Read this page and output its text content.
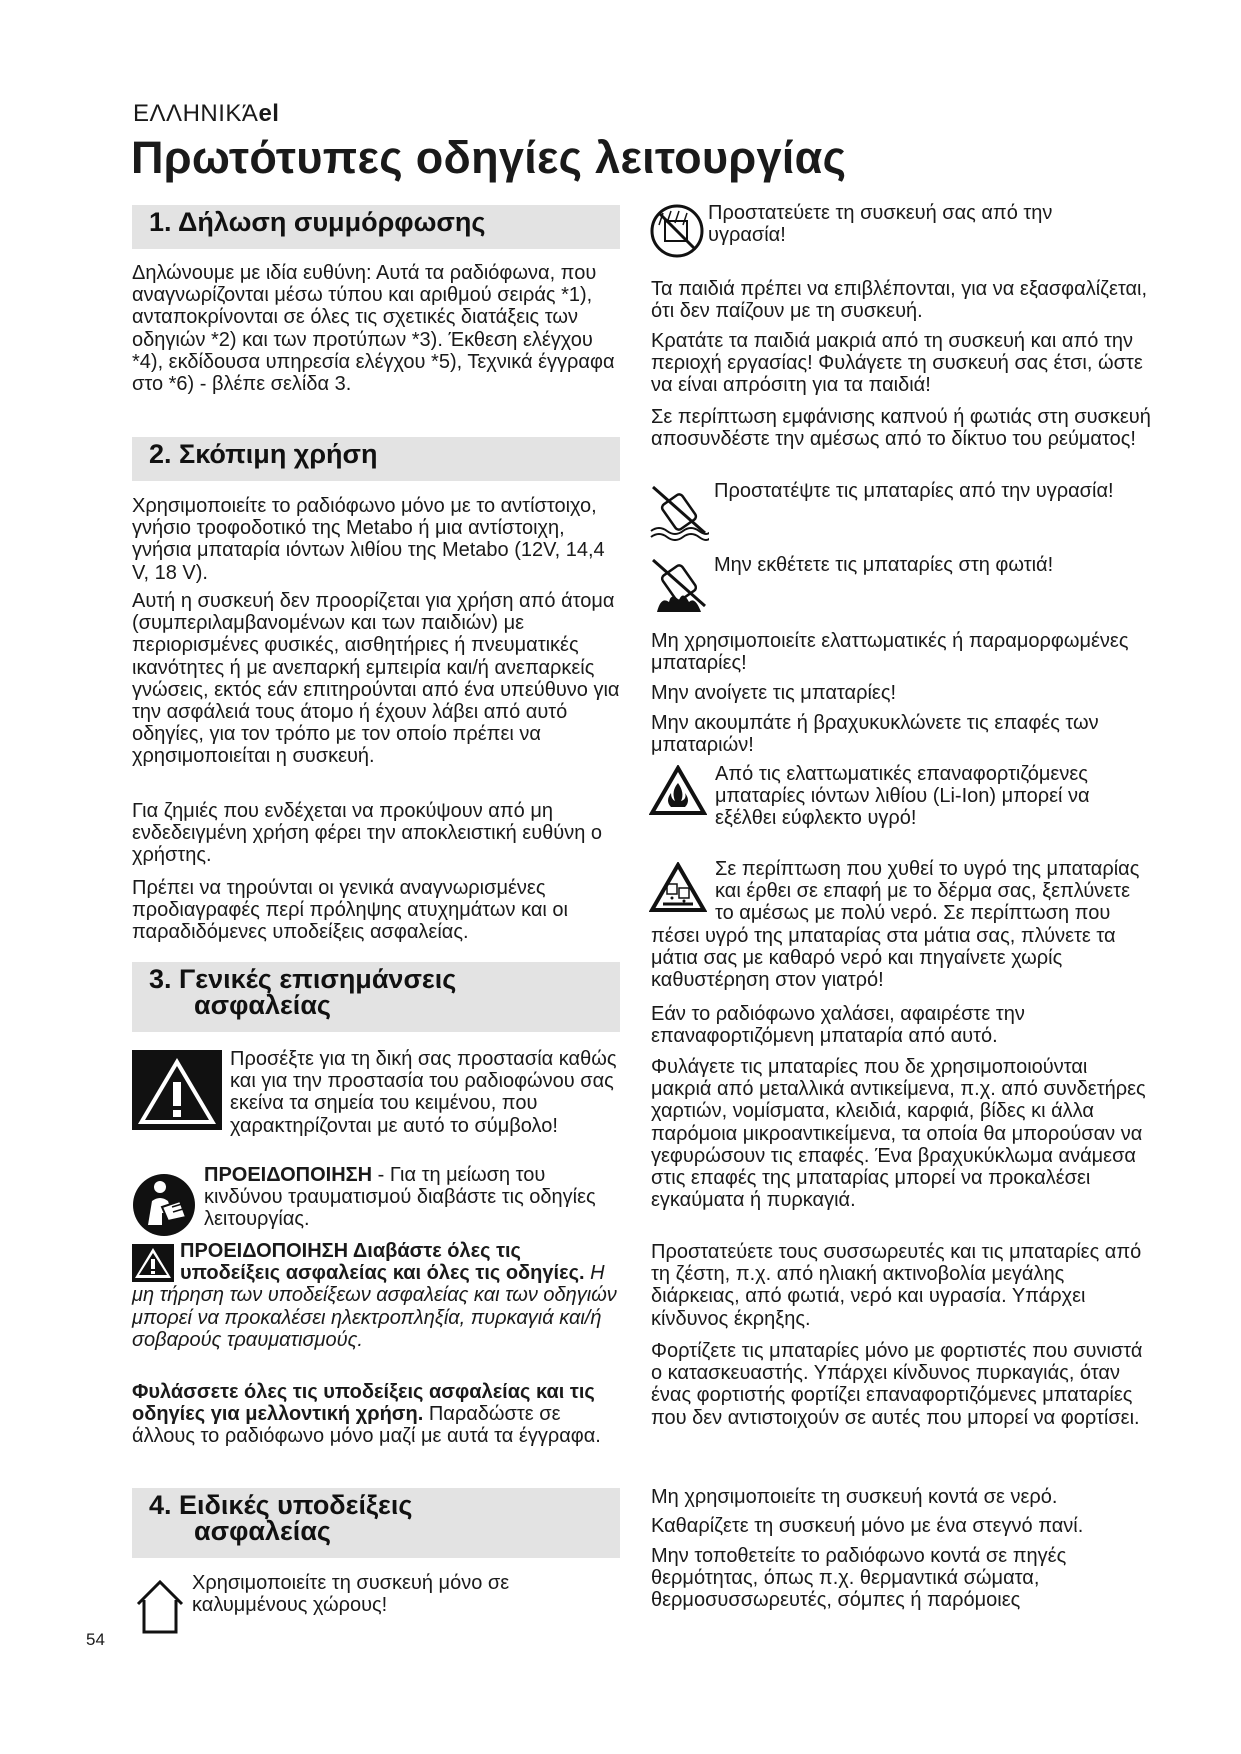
ΕΛΛΗΝΙΚΆel
Πρωτότυπες οδηγίες λειτουργίας
1. Δήλωση συμμόρφωσης

Δηλώνουμε με ιδία ευθύνη: Αυτά τα ραδιόφωνα, που αναγνωρίζονται μέσω τύπου και αριθμού σειράς *1), ανταποκρίνονται σε όλες τις σχετικές διατάξεις των οδηγιών *2) και των προτύπων *3). Έκθεση ελέγχου *4), εκδίδουσα υπηρεσία ελέγχου *5), Τεχνικά έγγραφα στο *6) - βλέπε σελίδα 3.

2. Σκόπιμη χρήση

Χρησιμοποιείτε το ραδιόφωνο μόνο με το αντίστοιχο, γνήσιο τροφοδοτικό της Metabo ή μια αντίστοιχη, γνήσια μπαταρία ιόντων λιθίου της Metabo (12V, 14,4 V, 18 V).

Αυτή η συσκευή δεν προορίζεται για χρήση από άτομα (συμπεριλαμβανομένων και των παιδιών) με περιορισμένες φυσικές, αισθητήριες ή πνευματικές ικανότητες ή με ανεπαρκή εμπειρία και/ή ανεπαρκείς γνώσεις, εκτός εάν επιτηρούνται από ένα υπεύθυνο για την ασφάλειά τους άτομο ή έχουν λάβει από αυτό οδηγίες, για τον τρόπο με τον οποίο πρέπει να χρησιμοποιείται η συσκευή.

Για ζημιές που ενδέχεται να προκύψουν από μη ενδεδειγμένη χρήση φέρει την αποκλειστική ευθύνη ο χρήστης.

Πρέπει να τηρούνται οι γενικά αναγνωρισμένες προδιαγραφές περί πρόληψης ατυχημάτων και οι παραδιδόμενες υποδείξεις ασφαλείας.

3. Γενικές επισημάνσεις
ασφαλείας
Προσέξτε για τη δική σας προστασία καθώς και για την προστασία του ραδιοφώνου σας εκείνα τα σημεία του κειμένου, που χαρακτηρίζονται με αυτό το σύμβολο!
ΠΡΟΕΙΔΟΠΟΙΗΣΗ - Για τη μείωση του κινδύνου τραυματισμού διαβάστε τις οδηγίες λειτουργίας.
ΠΡΟΕΙΔΟΠΟΙΗΣΗ Διαβάστε όλες τις υποδείξεις ασφαλείας και όλες τις οδηγίες. Η μη τήρηση των υποδείξεων ασφαλείας και των οδηγιών μπορεί να προκαλέσει ηλεκτροπληξία, πυρκαγιά και/ή σοβαρούς τραυματισμούς.
Φυλάσσετε όλες τις υποδείξεις ασφαλείας και τις οδηγίες για μελλοντική χρήση. Παραδώστε σε άλλους το ραδιόφωνο μόνο μαζί με αυτά τα έγγραφα.
4. Ειδικές υποδείξεις
ασφαλείας

Χρησιμοποιείτε τη συσκευή μόνο σε καλυμμένους χώρους!

54

Προστατεύετε τη συσκευή σας από την υγρασία!

Τα παιδιά πρέπει να επιβλέπονται, για να εξασφαλίζεται, ότι δεν παίζουν με τη συσκευή.

Κρατάτε τα παιδιά μακριά από τη συσκευή και από την περιοχή εργασίας! Φυλάγετε τη συσκευή σας έτσι, ώστε να είναι απρόσιτη για τα παιδιά!

Σε περίπτωση εμφάνισης καπνού ή φωτιάς στη συσκευή αποσυνδέστε την αμέσως από το δίκτυο του ρεύματος!

Προστατέψτε τις μπαταρίες από την υγρασία!

Μην εκθέτετε τις μπαταρίες στη φωτιά!

Μη χρησιμοποιείτε ελαττωματικές ή παραμορφωμένες μπαταρίες!

Μην ανοίγετε τις μπαταρίες!

Μην ακουμπάτε ή βραχυκυκλώνετε τις επαφές των μπαταριών!

Από τις ελαττωματικές επαναφορτιζόμενες μπαταρίες ιόντων λιθίου (Li-Ion) μπορεί να εξέλθει εύφλεκτο υγρό!
Σε περίπτωση που χυθεί το υγρό της μπαταρίας και έρθει σε επαφή με το δέρμα σας, ξεπλύνετε το αμέσως με πολύ νερό. Σε περίπτωση που πέσει υγρό της μπαταρίας στα μάτια σας, πλύνετε τα μάτια σας με καθαρό νερό και πηγαίνετε χωρίς καθυστέρηση στον γιατρό!

Εάν το ραδιόφωνο χαλάσει, αφαιρέστε την επαναφορτιζόμενη μπαταρία από αυτό.

Φυλάγετε τις μπαταρίες που δε χρησιμοποιούνται μακριά από μεταλλικά αντικείμενα, π.χ. από συνδετήρες χαρτιών, νομίσματα, κλειδιά, καρφιά, βίδες κι άλλα παρόμοια μικροαντικείμενα, τα οποία θα μπορούσαν να γεφυρώσουν τις επαφές. Ένα βραχυκύκλωμα ανάμεσα στις επαφές της μπαταρίας μπορεί να προκαλέσει εγκαύματα ή πυρκαγιά.

Προστατεύετε τους συσσωρευτές και τις μπαταρίες από τη ζέστη, π.χ. από ηλιακή ακτινοβολία μεγάλης διάρκειας, από φωτιά, νερό και υγρασία. Υπάρχει κίνδυνος έκρηξης.

Φορτίζετε τις μπαταρίες μόνο με φορτιστές που συνιστά ο κατασκευαστής. Υπάρχει κίνδυνος πυρκαγιάς, όταν ένας φορτιστής φορτίζει επαναφορτιζόμενες μπαταρίες που δεν αντιστοιχούν σε αυτές που μπορεί να φορτίσει.

Μη χρησιμοποιείτε τη συσκευή κοντά σε νερό.

Καθαρίζετε τη συσκευή μόνο με ένα στεγνό πανί.

Μην τοποθετείτε το ραδιόφωνο κοντά σε πηγές θερμότητας, όπως π.χ. θερμαντικά σώματα, θερμοσυσσωρευτές, σόμπες ή παρόμοιες
